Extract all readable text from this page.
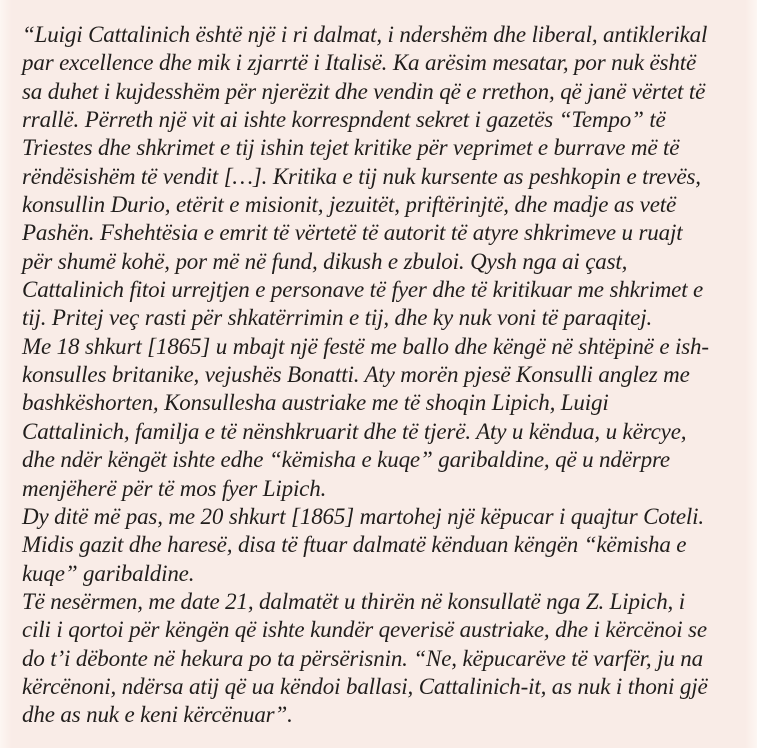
“Luigi Cattalinich është një i ri dalmat, i ndershëm dhe liberal, antiklerikal
par excellence dhe mik i zjarrtë i Italisë. Ka arësim mesatar, por nuk është
sa duhet i kujdesshëm për njerëzit dhe vendin që e rrethon, që janë vërtet të
rrallë. Përreth një vit ai ishte korrespndent sekret i gazetës “Tempo” të
Triestes dhe shkrimet e tij ishin tejet kritike për veprimet e burrave më të
rëndësishëm të vendit […]. Kritika e tij nuk kursente as peshkopin e trevës,
konsullin Durio, etërit e misionit, jezuitët, priftërinjtë, dhe madje as vetë
Pashën. Fshehtësia e emrit të vërtetë të autorit të atyre shkrimeve u ruajt
për shumë kohë, por më në fund, dikush e zbuloi. Qysh nga ai çast,
Cattalinich fitoi urrejtjen e personave të fyer dhe të kritikuar me shkrimet e
tij. Pritej veç rasti për shkatërrimin e tij, dhe ky nuk voni të paraqitej.
Me 18 shkurt [1865] u mbajt një festë me ballo dhe këngë në shtëpinë e ish-
konsulles britanike, vejushës Bonatti. Aty morën pjesë Konsulli anglez me
bashkëshorten, Konsullesha austriake me të shoqin Lipich, Luigi
Cattalinich, familja e të nënshkruarit dhe të tjerë. Aty u këndua, u kërcye,
dhe ndër këngët ishte edhe “këmisha e kuqe” garibaldine, që u ndërpre
menjëherë për të mos fyer Lipich.
Dy ditë më pas, me 20 shkurt [1865] martohej një këpucar i quajtur Coteli.
Midis gazit dhe haresë, disa të ftuar dalmatë kënduan këngën “këmisha e
kuqe” garibaldine.
Të nesërmen, me date 21, dalmatët u thirën në konsullatë nga Z. Lipich, i
cili i qortoi për këngën që ishte kundër qeverisë austriake, dhe i kërcënoi se
do t’i dëbonte në hekura po ta përsërisnin. “Ne, këpucarëve të varfër, ju na
kërcënoni, ndërsa atij që ua këndoi ballasi, Cattalinich-it, as nuk i thoni gjë
dhe as nuk e keni kërcënuar”.
